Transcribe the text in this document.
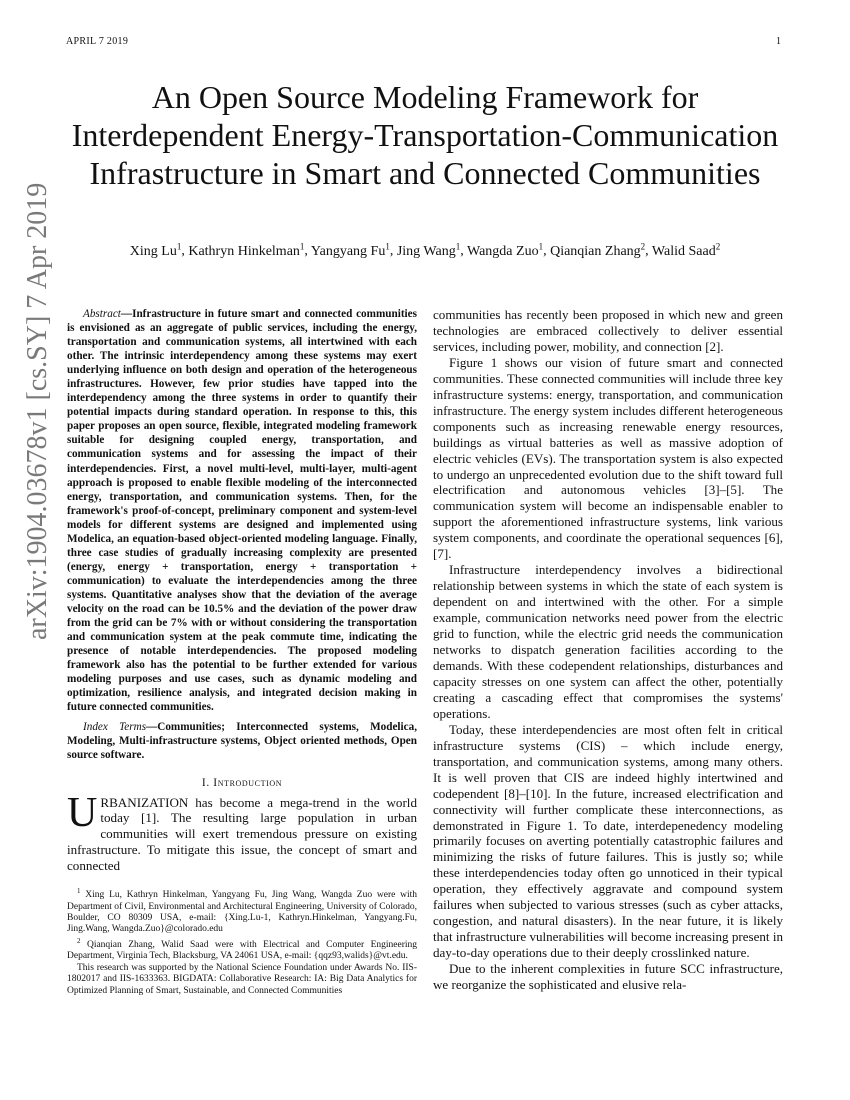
APRIL 7 2019	1
arXiv:1904.03678v1 [cs.SY] 7 Apr 2019
An Open Source Modeling Framework for Interdependent Energy-Transportation-Communication Infrastructure in Smart and Connected Communities
Xing Lu$^1$, Kathryn Hinkelman$^1$, Yangyang Fu$^1$, Jing Wang$^1$, Wangda Zuo$^1$, Qianqian Zhang$^2$, Walid Saad$^2$

Abstract—Infrastructure in future smart and connected communities is envisioned as an aggregate of public services, including the energy, transportation and communication systems, all intertwined with each other. The intrinsic interdependency among these systems may exert underlying influence on both design and operation of the heterogeneous infrastructures. However, few prior studies have tapped into the interdependency among the three systems in order to quantify their potential impacts during standard operation. In response to this, this paper proposes an open source, flexible, integrated modeling framework suitable for designing coupled energy, transportation, and communication systems and for assessing the impact of their interdependencies. First, a novel multi-level, multi-layer, multi-agent approach is proposed to enable flexible modeling of the interconnected energy, transportation, and communication systems. Then, for the framework's proof-of-concept, preliminary component and system-level models for different systems are designed and implemented using Modelica, an equation-based object-oriented modeling language. Finally, three case studies of gradually increasing complexity are presented (energy, energy + transportation, energy + transportation + communication) to evaluate the interdependencies among the three systems. Quantitative analyses show that the deviation of the average velocity on the road can be 10.5% and the deviation of the power draw from the grid can be 7% with or without considering the transportation and communication system at the peak commute time, indicating the presence of notable interdependencies. The proposed modeling framework also has the potential to be further extended for various modeling purposes and use cases, such as dynamic modeling and optimization, resilience analysis, and integrated decision making in future connected communities.

Index Terms—Communities; Interconnected systems, Modelica, Modeling, Multi-infrastructure systems, Object oriented methods, Open source software.

I. Introduction

URBANIZATION has become a mega-trend in the world today [1]. The resulting large population in urban communities will exert tremendous pressure on existing infrastructure. To mitigate this issue, the concept of smart and connected

$^1$ Xing Lu, Kathryn Hinkelman, Yangyang Fu, Jing Wang, Wangda Zuo were with Department of Civil, Environmental and Architectural Engineering, University of Colorado, Boulder, CO 80309 USA, e-mail: {Xing.Lu-1, Kathryn.Hinkelman, Yangyang.Fu, Jing.Wang, Wangda.Zuo}@colorado.edu

$^2$ Qianqian Zhang, Walid Saad were with Electrical and Computer Engineering Department, Virginia Tech, Blacksburg, VA 24061 USA, e-mail: {qqz93,walids}@vt.edu.

This research was supported by the National Science Foundation under Awards No. IIS-1802017 and IIS-1633363. BIGDATA: Collaborative Research: IA: Big Data Analytics for Optimized Planning of Smart, Sustainable, and Connected Communities

communities has recently been proposed in which new and green technologies are embraced collectively to deliver essential services, including power, mobility, and connection [2].

Figure 1 shows our vision of future smart and connected communities. These connected communities will include three key infrastructure systems: energy, transportation, and communication infrastructure. The energy system includes different heterogeneous components such as increasing renewable energy resources, buildings as virtual batteries as well as massive adoption of electric vehicles (EVs). The transportation system is also expected to undergo an unprecedented evolution due to the shift toward full electrification and autonomous vehicles [3]–[5]. The communication system will become an indispensable enabler to support the aforementioned infrastructure systems, link various system components, and coordinate the operational sequences [6], [7].

Infrastructure interdependency involves a bidirectional relationship between systems in which the state of each system is dependent on and intertwined with the other. For a simple example, communication networks need power from the electric grid to function, while the electric grid needs the communication networks to dispatch generation facilities according to the demands. With these codependent relationships, disturbances and capacity stresses on one system can affect the other, potentially creating a cascading effect that compromises the systems' operations.

Today, these interdependencies are most often felt in critical infrastructure systems (CIS) – which include energy, transportation, and communication systems, among many others. It is well proven that CIS are indeed highly intertwined and codependent [8]–[10]. In the future, increased electrification and connectivity will further complicate these interconnections, as demonstrated in Figure 1. To date, interdepenedency modeling primarily focuses on averting potentially catastrophic failures and minimizing the risks of future failures. This is justly so; while these interdependencies today often go unnoticed in their typical operation, they effectively aggravate and compound system failures when subjected to various stresses (such as cyber attacks, congestion, and natural disasters). In the near future, it is likely that infrastructure vulnerabilities will become increasing present in day-to-day operations due to their deeply crosslinked nature.

Due to the inherent complexities in future SCC infrastructure, we reorganize the sophisticated and elusive rela-
